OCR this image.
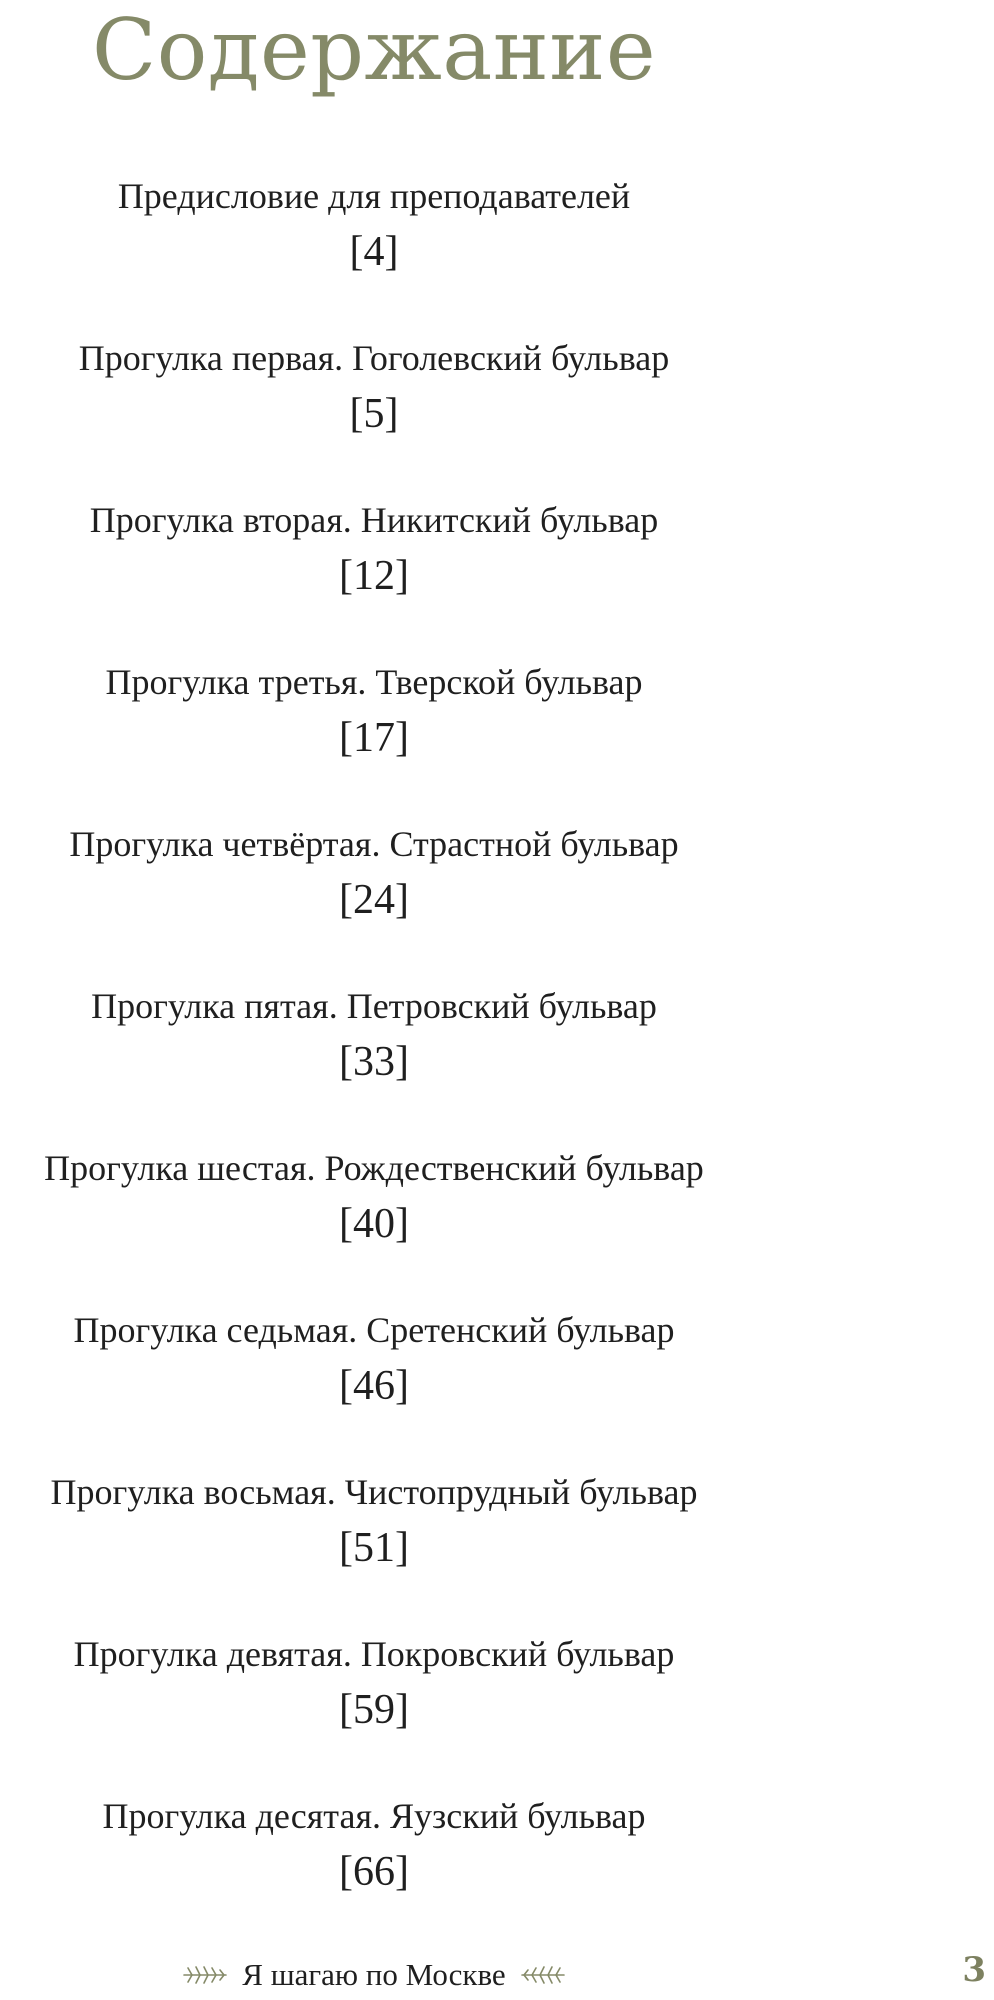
Содержание
Предисловие для преподавателей
[4]
Прогулка первая. Гоголевский бульвар
[5]
Прогулка вторая. Никитский бульвар
[12]
Прогулка третья. Тверской бульвар
[17]
Прогулка четвёртая. Страстной бульвар
[24]
Прогулка пятая. Петровский бульвар
[33]
Прогулка шестая. Рождественский бульвар
[40]
Прогулка седьмая. Сретенский бульвар
[46]
Прогулка восьмая. Чистопрудный бульвар
[51]
Прогулка девятая. Покровский бульвар
[59]
Прогулка десятая. Яузский бульвар
[66]
Я шагаю по Москве	3
